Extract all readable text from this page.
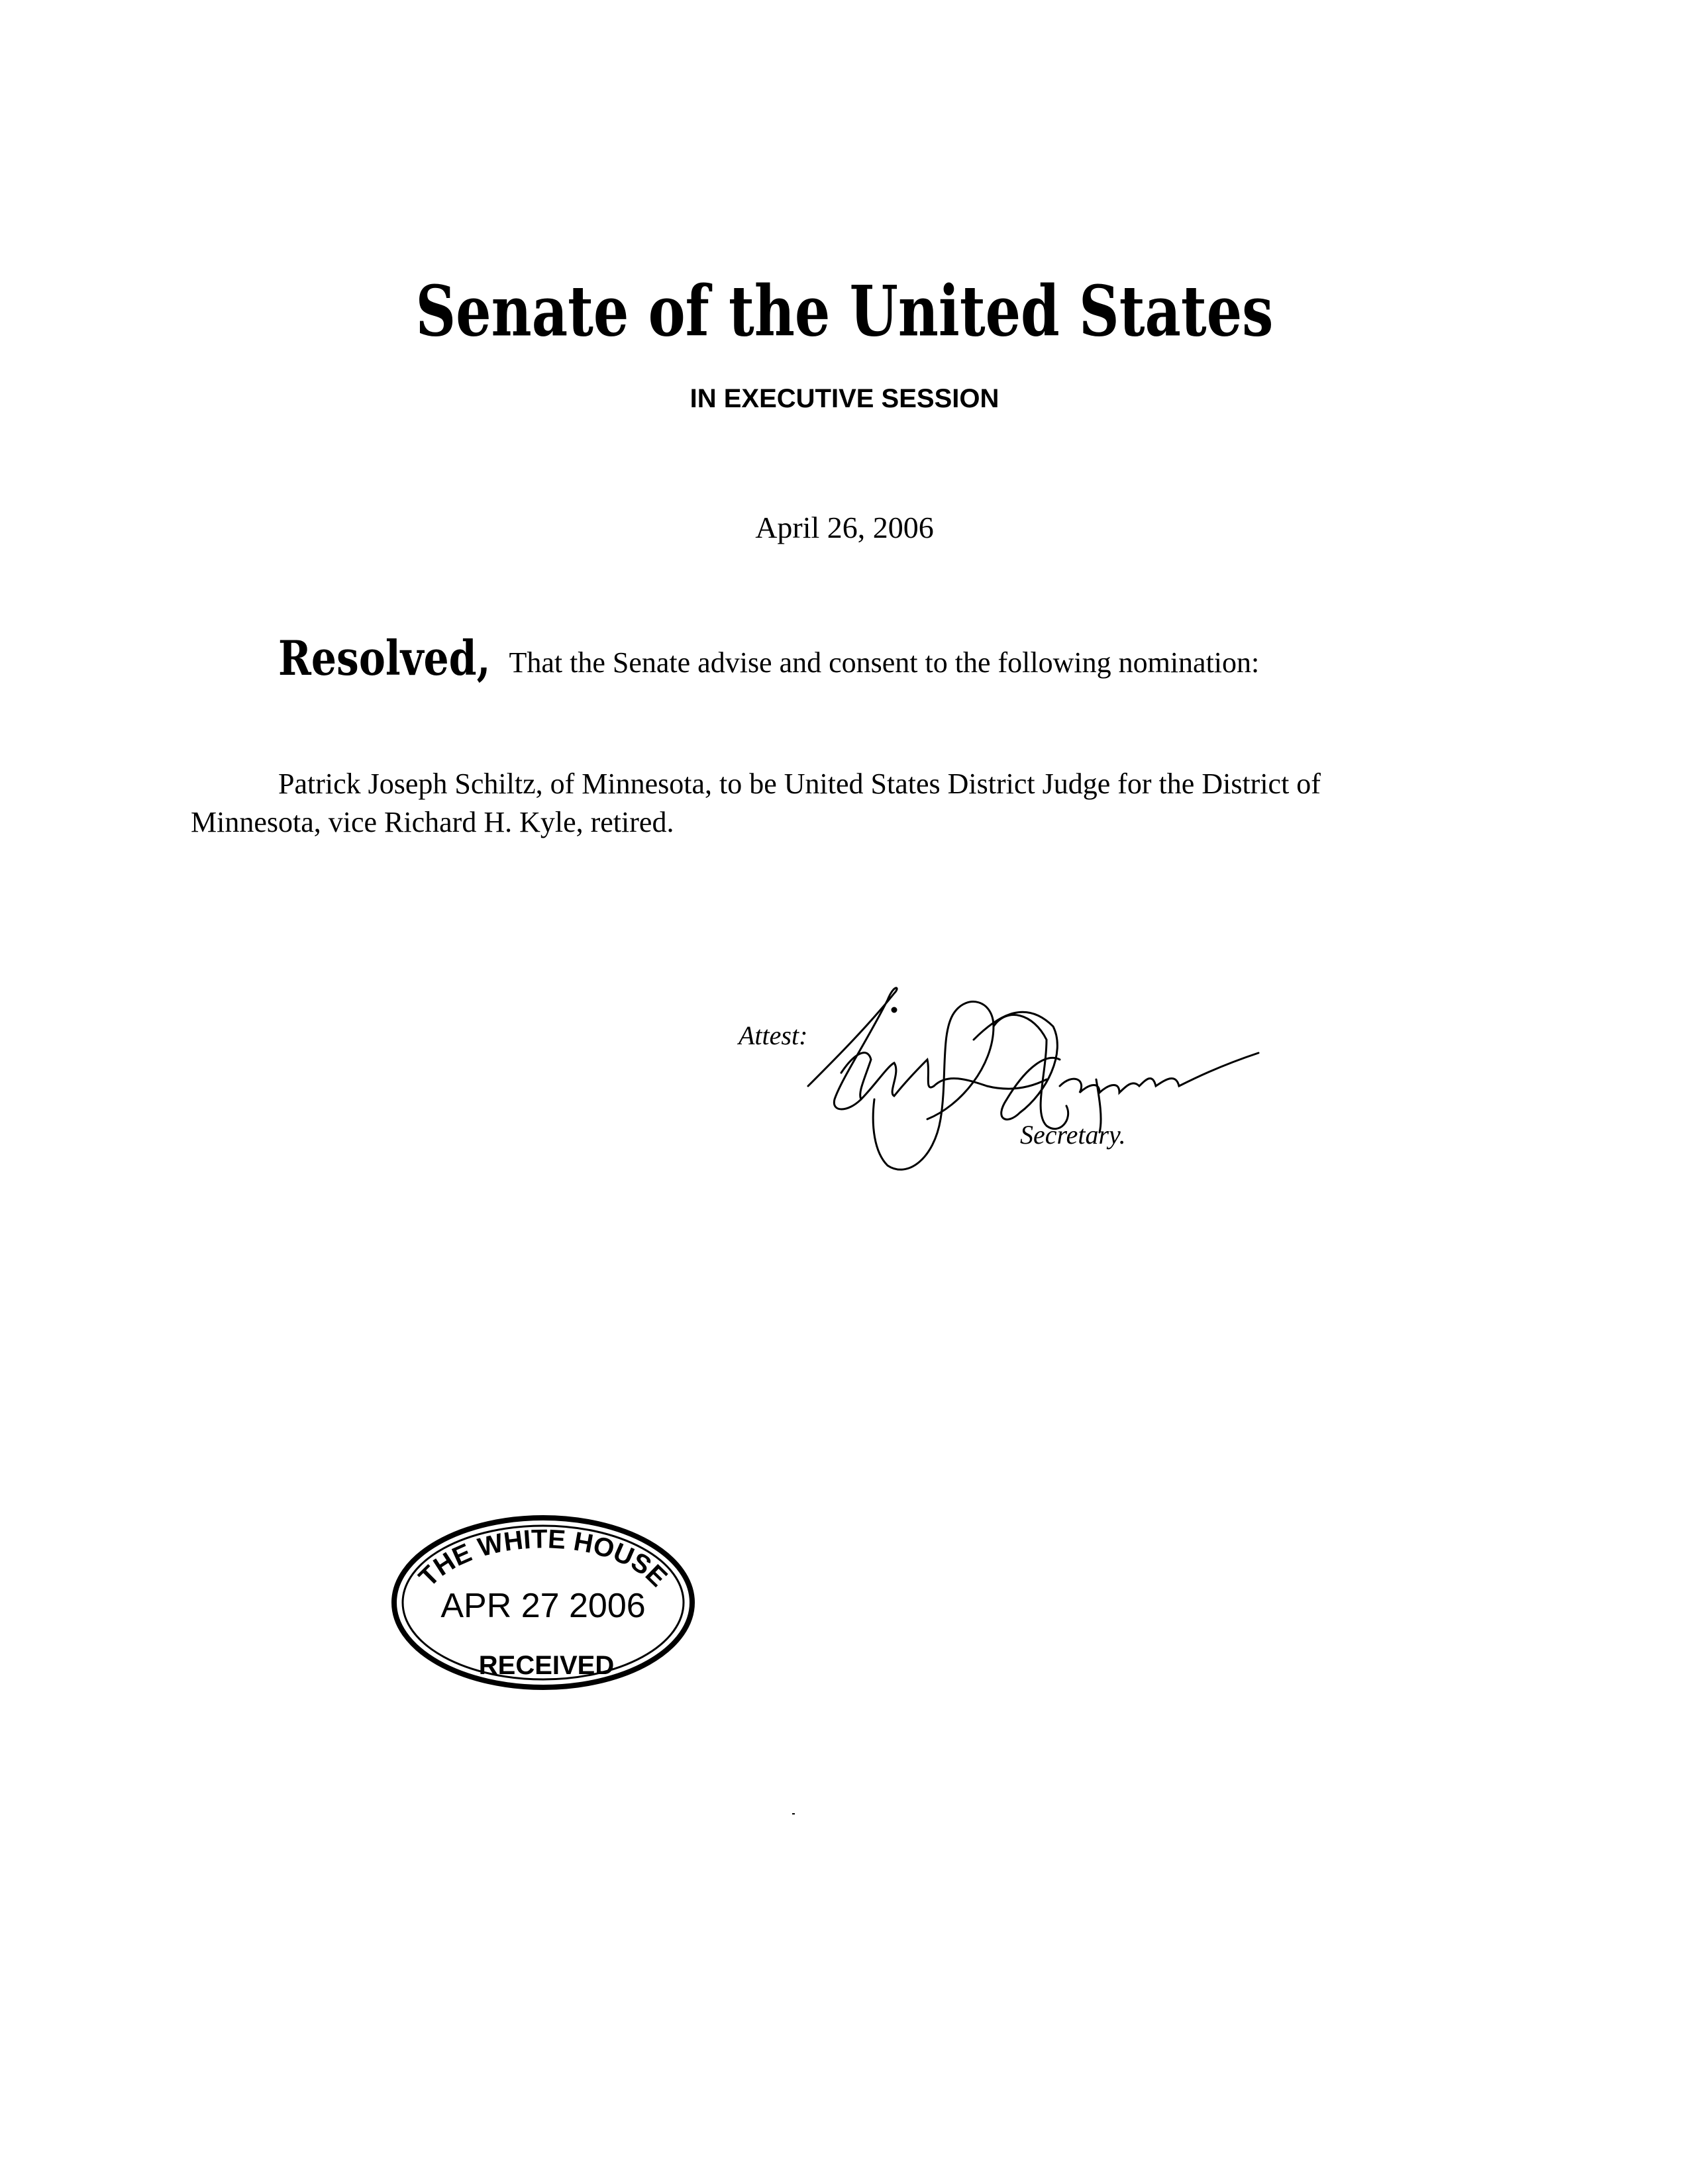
Senate of the United States
IN EXECUTIVE SESSION
April 26, 2006
Resolved, That the Senate advise and consent to the following nomination:
Patrick Joseph Schiltz, of Minnesota, to be United States District Judge for the District of Minnesota, vice Richard H. Kyle, retired.
Attest:
Secretary.
THE WHITE HOUSE
APR 27 2006
RECEIVED
